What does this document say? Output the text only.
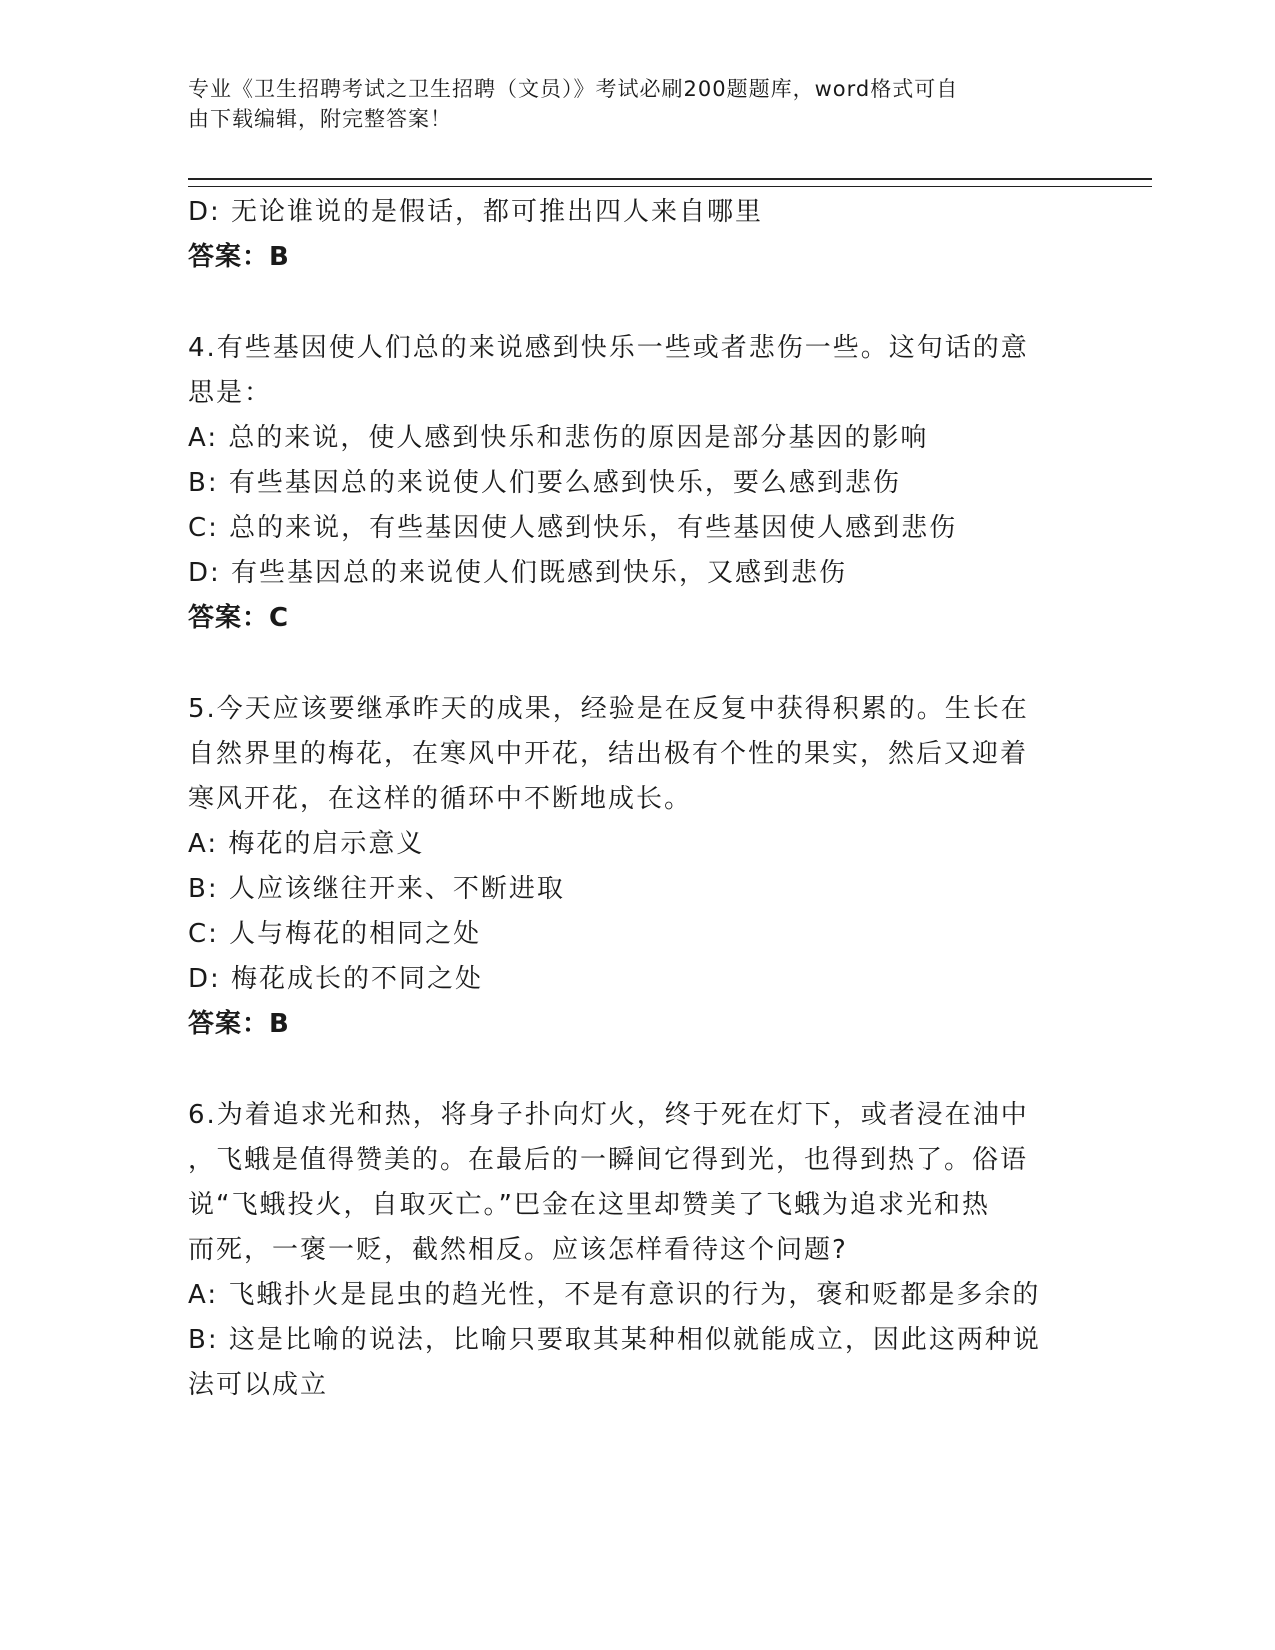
专业《卫生招聘考试之卫生招聘（文员）》考试必刷200题题库，word格式可自
由下载编辑，附完整答案！
D: 无论谁说的是假话，都可推出四人来自哪里
答案：B
4.有些基因使人们总的来说感到快乐一些或者悲伤一些。这句话的意
思是：
A: 总的来说，使人感到快乐和悲伤的原因是部分基因的影响
B: 有些基因总的来说使人们要么感到快乐，要么感到悲伤
C: 总的来说，有些基因使人感到快乐，有些基因使人感到悲伤
D: 有些基因总的来说使人们既感到快乐，又感到悲伤
答案：C
5.今天应该要继承昨天的成果，经验是在反复中获得积累的。生长在
自然界里的梅花，在寒风中开花，结出极有个性的果实，然后又迎着
寒风开花，在这样的循环中不断地成长。
A: 梅花的启示意义
B: 人应该继往开来、不断进取
C: 人与梅花的相同之处
D: 梅花成长的不同之处
答案：B
6.为着追求光和热，将身子扑向灯火，终于死在灯下，或者浸在油中
，飞蛾是值得赞美的。在最后的一瞬间它得到光，也得到热了。俗语
说“飞蛾投火，自取灭亡。”巴金在这里却赞美了飞蛾为追求光和热
而死，一褒一贬，截然相反。应该怎样看待这个问题?
A: 飞蛾扑火是昆虫的趋光性，不是有意识的行为，褒和贬都是多余的
B: 这是比喻的说法，比喻只要取其某种相似就能成立，因此这两种说
法可以成立
